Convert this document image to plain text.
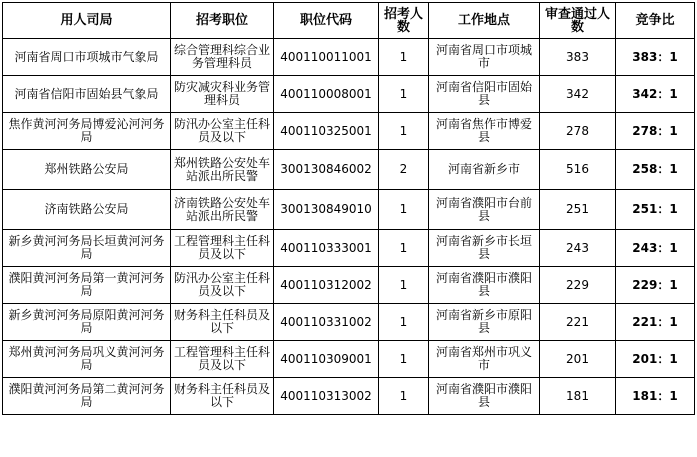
用人司局	招考职位	职位代码	招考人数	工作地点	审查通过人数	竞争比
河南省周口市项城市气象局	综合管理科综合业务管理科员	400110011001	1	河南省周口市项城市	383	383：1
河南省信阳市固始县气象局	防灾减灾科业务管理科员	400110008001	1	河南省信阳市固始县	342	342：1
焦作黄河河务局博爱沁河河务局	防汛办公室主任科员及以下	400110325001	1	河南省焦作市博爱县	278	278：1
郑州铁路公安局	郑州铁路公安处车站派出所民警	300130846002	2	河南省新乡市	516	258：1
济南铁路公安局	济南铁路公安处车站派出所民警	300130849010	1	河南省濮阳市台前县	251	251：1
新乡黄河河务局长垣黄河河务局	工程管理科主任科员及以下	400110333001	1	河南省新乡市长垣县	243	243：1
濮阳黄河河务局第一黄河河务局	防汛办公室主任科员及以下	400110312002	1	河南省濮阳市濮阳县	229	229：1
新乡黄河河务局原阳黄河河务局	财务科主任科员及以下	400110331002	1	河南省新乡市原阳县	221	221：1
郑州黄河河务局巩义黄河河务局	工程管理科主任科员及以下	400110309001	1	河南省郑州市巩义市	201	201：1
濮阳黄河河务局第二黄河河务局	财务科主任科员及以下	400110313002	1	河南省濮阳市濮阳县	181	181：1
